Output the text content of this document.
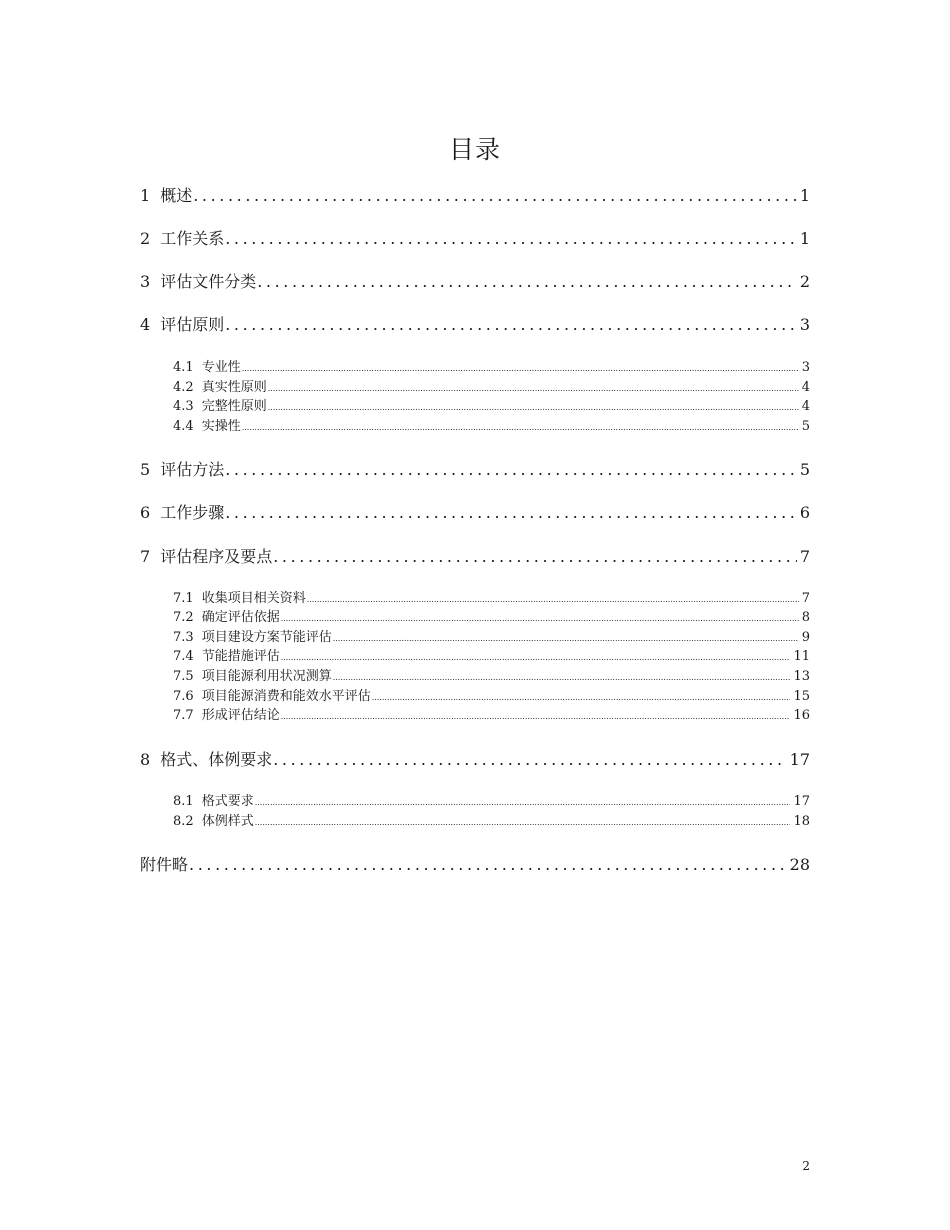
目录
1 概述 .....	1
2 工作关系 .....	1
3 评估文件分类 .....	2
4 评估原则 .....	3
4.1 专业性 .....	3
4.2 真实性原则 .....	4
4.3 完整性原则 .....	4
4.4 实操性 .....	5
5 评估方法 .....	5
6 工作步骤 .....	6
7 评估程序及要点 .....	7
7.1 收集项目相关资料 .....	7
7.2 确定评估依据 .....	8
7.3 项目建设方案节能评估 .....	9
7.4 节能措施评估 .....	11
7.5 项目能源利用状况测算 .....	13
7.6 项目能源消费和能效水平评估 .....	15
7.7 形成评估结论 .....	16
8 格式、体例要求 .....	17
8.1 格式要求 .....	17
8.2 体例样式 .....	18
附件略 .....	28
2
